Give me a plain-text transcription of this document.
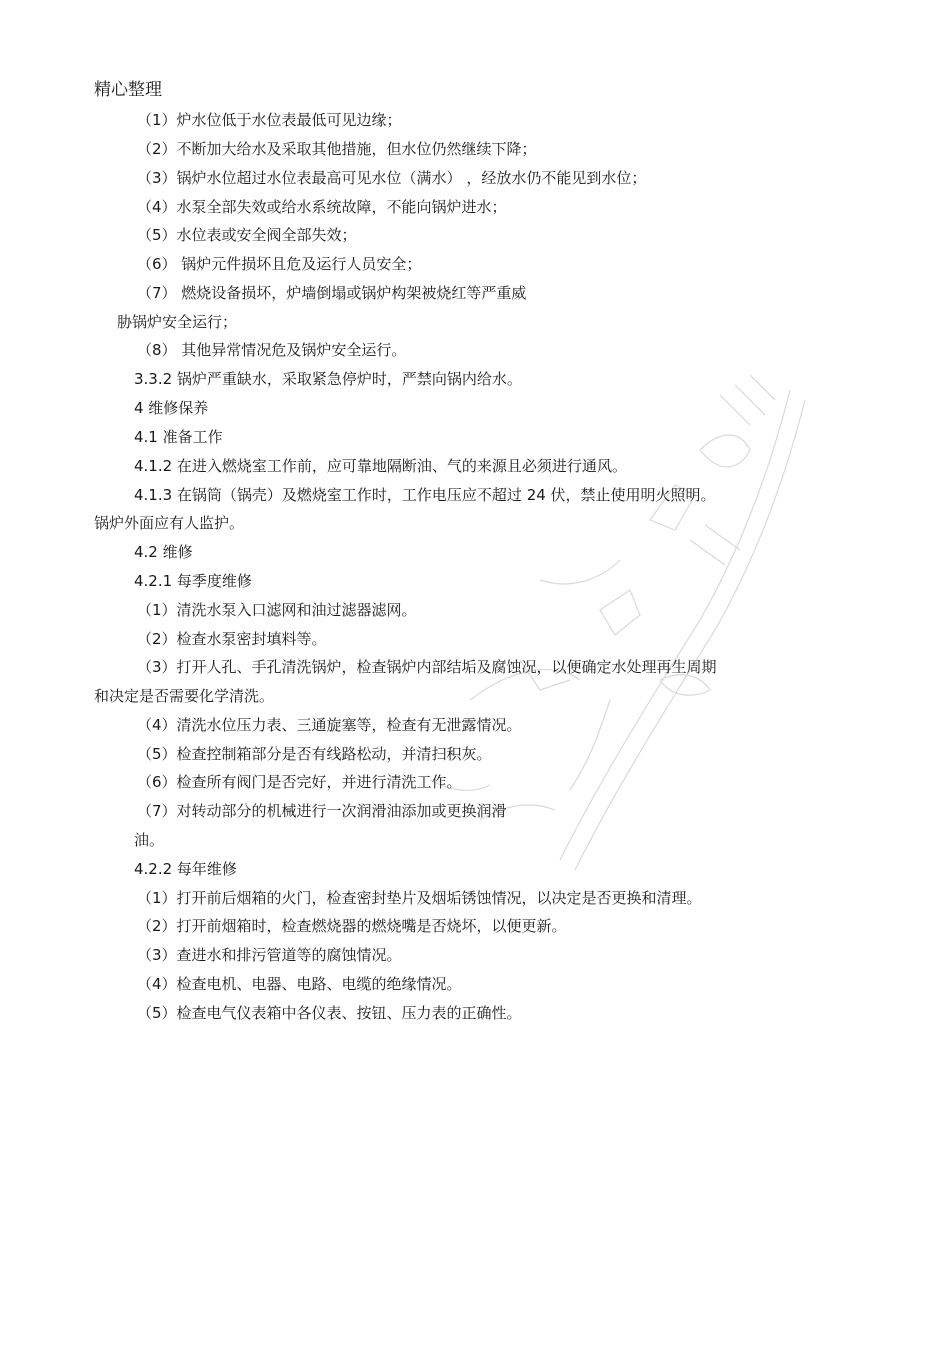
精心整理
（1）炉水位低于水位表最低可见边缘；
（2）不断加大给水及采取其他措施，但水位仍然继续下降；
（3）锅炉水位超过水位表最高可见水位（满水） ，经放水仍不能见到水位；
（4）水泵全部失效或给水系统故障，不能向锅炉进水；
（5）水位表或安全阀全部失效；
（6） 锅炉元件损坏且危及运行人员安全；
（7） 燃烧设备损坏，炉墙倒塌或锅炉构架被烧红等严重威
胁锅炉安全运行；
（8） 其他异常情况危及锅炉安全运行。
3.3.2 锅炉严重缺水，采取紧急停炉时，严禁向锅内给水。
4 维修保养
4.1 准备工作
4.1.2 在进入燃烧室工作前，应可靠地隔断油、气的来源且必须进行通风。
4.1.3 在锅筒（锅壳）及燃烧室工作时，工作电压应不超过 24 伏，禁止使用明火照明。
锅炉外面应有人监护。
4.2 维修
4.2.1 每季度维修
（1）清洗水泵入口滤网和油过滤器滤网。
（2）检查水泵密封填料等。
（3）打开人孔、手孔清洗锅炉，检查锅炉内部结垢及腐蚀况，以便确定水处理再生周期
和决定是否需要化学清洗。
（4）清洗水位压力表、三通旋塞等，检查有无泄露情况。
（5）检查控制箱部分是否有线路松动，并清扫积灰。
（6）检查所有阀门是否完好，并进行清洗工作。
（7）对转动部分的机械进行一次润滑油添加或更换润滑
油。
4.2.2 每年维修
（1）打开前后烟箱的火门，检查密封垫片及烟垢锈蚀情况，以决定是否更换和清理。
（2）打开前烟箱时，检查燃烧器的燃烧嘴是否烧坏，以便更新。
（3）查进水和排污管道等的腐蚀情况。
（4）检查电机、电器、电路、电缆的绝缘情况。
（5）检查电气仪表箱中各仪表、按钮、压力表的正确性。
